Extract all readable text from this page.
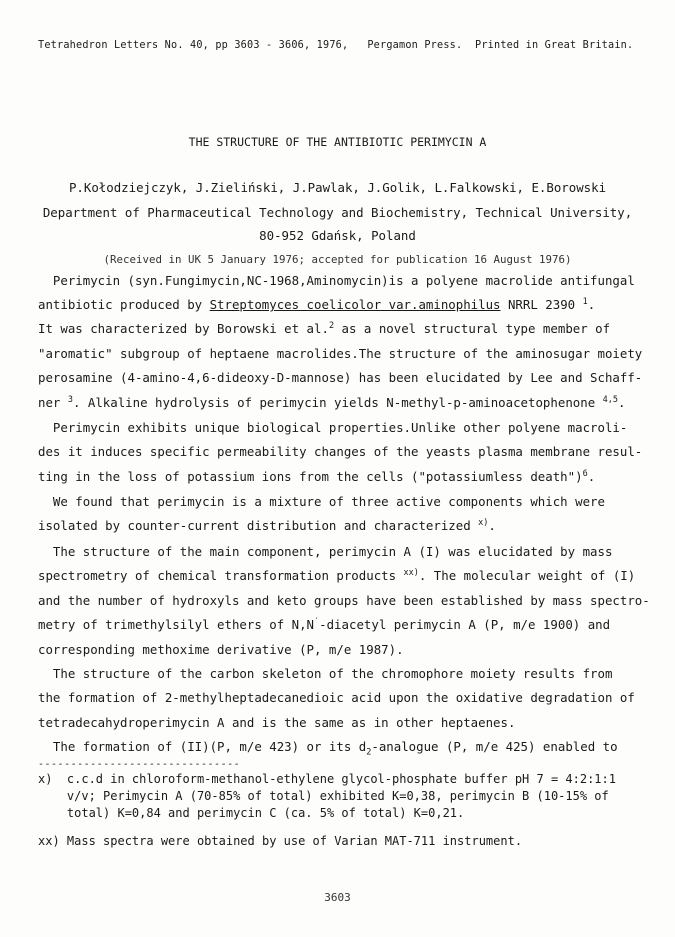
Tetrahedron Letters No. 40, pp 3603 - 3606, 1976,   Pergamon Press.  Printed in Great Britain.
THE STRUCTURE OF THE ANTIBIOTIC PERIMYCIN A
P.Kołodziejczyk, J.Zieliński, J.Pawlak, J.Golik, L.Falkowski, E.Borowski
Department of Pharmaceutical Technology and Biochemistry, Technical University,
80-952 Gdańsk, Poland
(Received in UK 5 January 1976; accepted for publication 16 August 1976)
Perimycin (syn.Fungimycin,NC-1968,Aminomycin)is a polyene macrolide antifungal
antibiotic produced by Streptomyces coelicolor var.aminophilus NRRL 2390 $^1$.
It was characterized by Borowski et al.$^2$ as a novel structural type member of
"aromatic" subgroup of heptaene macrolides.The structure of the aminosugar moiety
perosamine (4-amino-4,6-dideoxy-D-mannose) has been elucidated by Lee and Schaff-
ner $^3$. Alkaline hydrolysis of perimycin yields N-methyl-p-aminoacetophenone $^{4,5}$.
Perimycin exhibits unique biological properties.Unlike other polyene macroli-
des it induces specific permeability changes of the yeasts plasma membrane resul-
ting in the loss of potassium ions from the cells ("potassiumless death")$^6$.
We found that perimycin is a mixture of three active components which were
isolated by counter-current distribution and characterized $^{x)}$.
The structure of the main component, perimycin A (I) was elucidated by mass
spectrometry of chemical transformation products $^{xx)}$. The molecular weight of (I)
and the number of hydroxyls and keto groups have been established by mass spectro-
metry of trimethylsilyl ethers of N,N′-diacetyl perimycin A (P, m/e 1900) and
corresponding methoxime derivative (P, m/e 1987).
The structure of the carbon skeleton of the chromophore moiety results from
the formation of 2-methylheptadecanedioic acid upon the oxidative degradation of
tetradecahydroperimycin A and is the same as in other heptaenes.
The formation of (II)(P, m/e 423) or its $d_2$-analogue (P, m/e 425) enabled to
-------------------------------
x)  c.c.d in chloroform-methanol-ethylene glycol-phosphate buffer pH 7 = 4:2:1:1
v/v; Perimycin A (70-85% of total) exhibited K=0,38, perimycin B (10-15% of
total) K=0,84 and perimycin C (ca. 5% of total) K=0,21.
xx) Mass spectra were obtained by use of Varian MAT-711 instrument.
3603
